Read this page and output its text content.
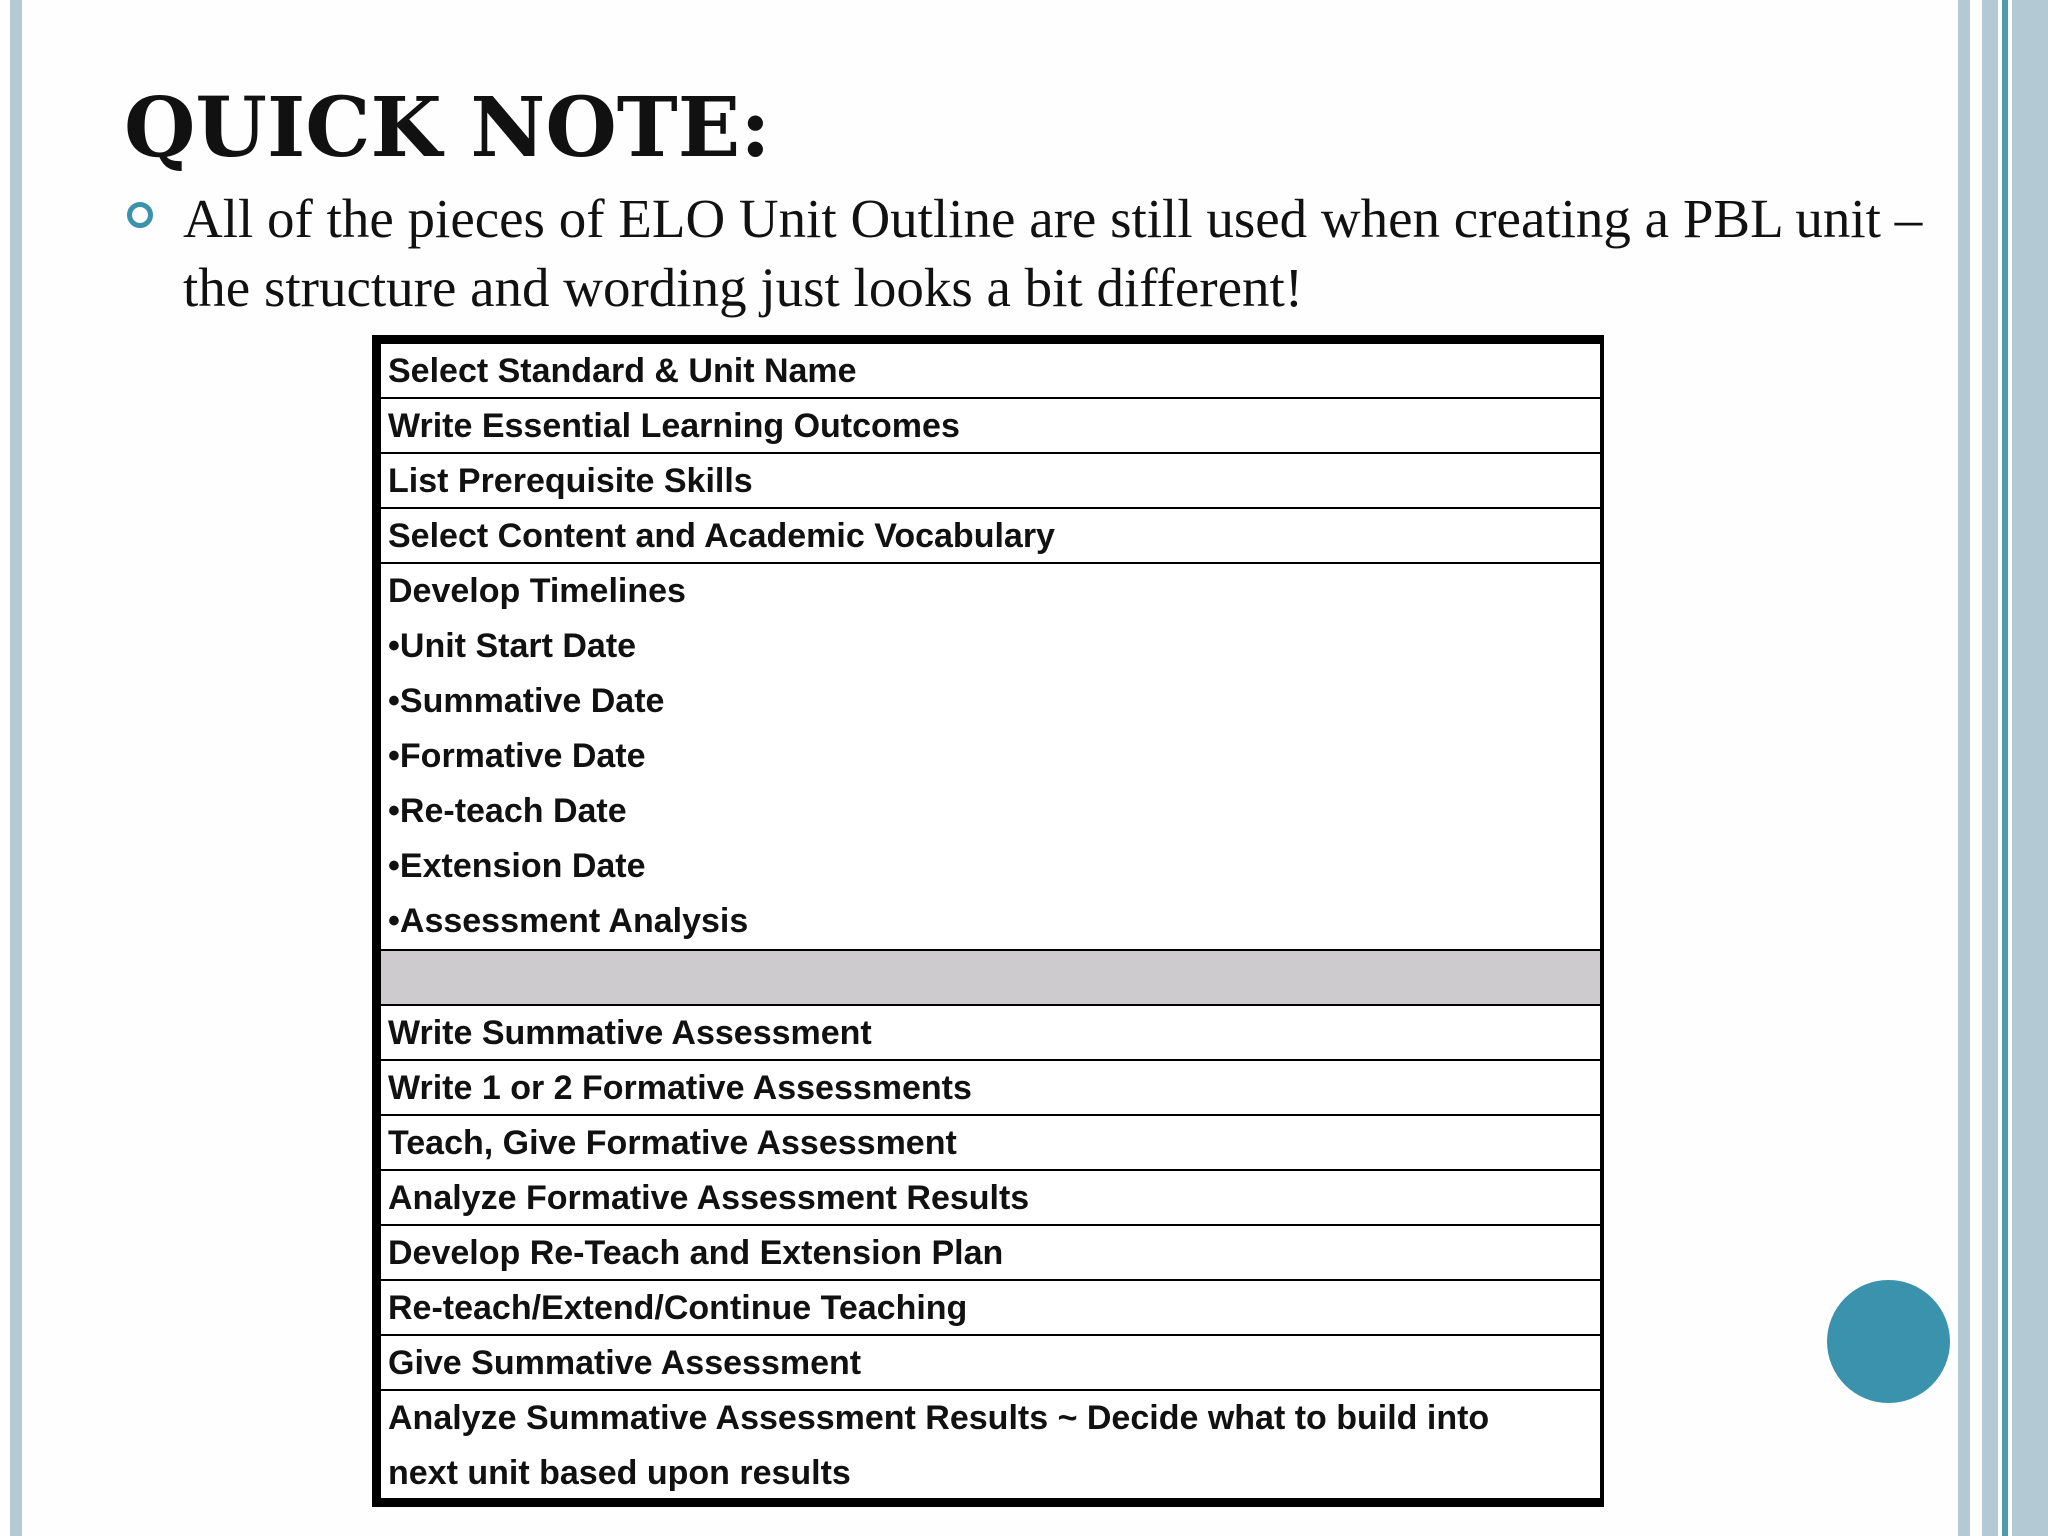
QUICK NOTE:

All of the pieces of ELO Unit Outline are still used when creating a PBL unit – the structure and wording just looks a bit different!

Select Standard & Unit Name
Write Essential Learning Outcomes
List Prerequisite Skills
Select Content and Academic Vocabulary
Develop Timelines
•Unit Start Date
•Summative Date
•Formative Date
•Re-teach Date
•Extension Date
•Assessment Analysis
Write Summative Assessment
Write 1 or 2 Formative Assessments
Teach, Give Formative Assessment
Analyze Formative Assessment Results
Develop Re-Teach and Extension Plan
Re-teach/Extend/Continue Teaching
Give Summative Assessment
Analyze Summative Assessment Results ~ Decide what to build into
next unit based upon results
